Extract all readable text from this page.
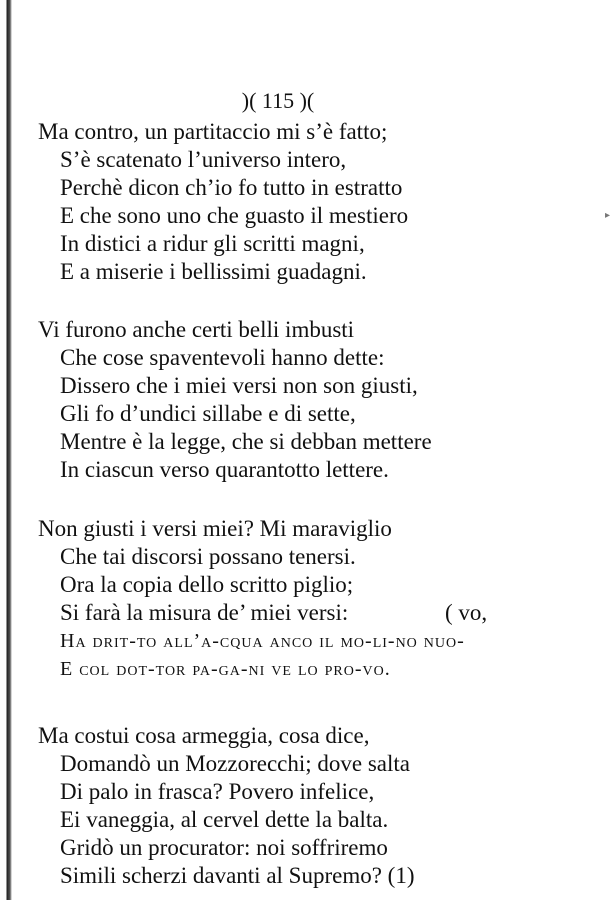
▸
)( 115 )(
Ma contro, un partitaccio mi s’è fatto;
S’è scatenato l’universo intero,
Perchè dicon ch’io fo tutto in estratto
E che sono uno che guasto il mestiero
In distici a ridur gli scritti magni,
E a miserie i bellissimi guadagni.
Vi furono anche certi belli imbusti
Che cose spaventevoli hanno dette:
Dissero che i miei versi non son giusti,
Gli fo d’undici sillabe e di sette,
Mentre è la legge, che si debban mettere
In ciascun verso quarantotto lettere.
Non giusti i versi miei? Mi maraviglio
Che tai discorsi possano tenersi.
Ora la copia dello scritto piglio;
Si farà la misura de’ miei versi:	( vo,
Ha drit-to all’a-cqua anco il mo-li-no nuo-
E col dot-tor pa-ga-ni ve lo pro-vo.
Ma costui cosa armeggia, cosa dice,
Domandò un Mozzorecchi; dove salta
Di palo in frasca? Povero infelice,
Ei vaneggia, al cervel dette la balta.
Gridò un procurator: noi soffriremo
Simili scherzi davanti al Supremo? (1)
